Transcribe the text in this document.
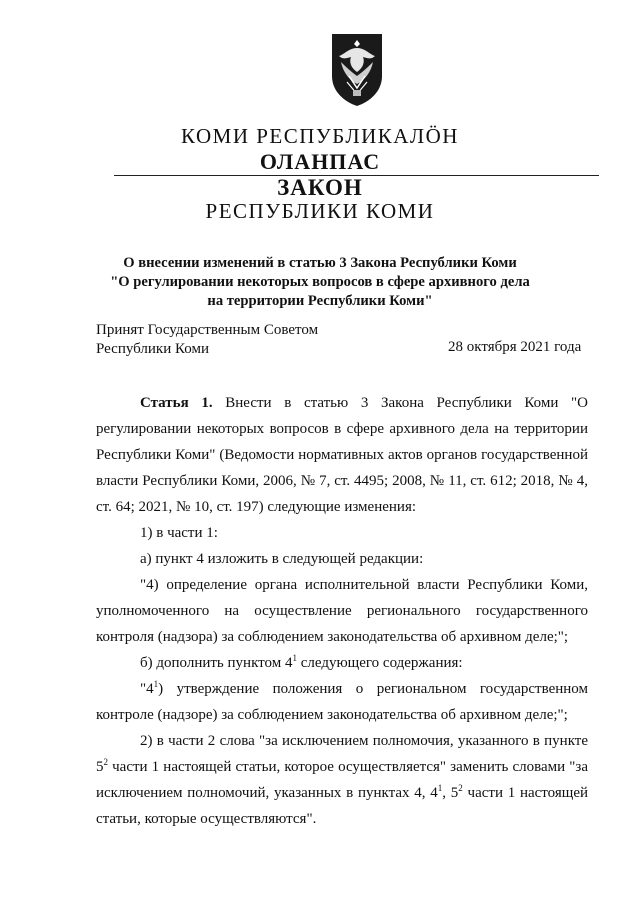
КОМИ РЕСПУБЛИКАЛÖН
ОЛАНПАС
ЗАКОН
РЕСПУБЛИКИ КОМИ
О внесении изменений в статью 3 Закона Республики Коми
"О регулировании некоторых вопросов в сфере архивного дела
на территории Республики Коми"
Принят Государственным Советом
Республики Коми	28 октября 2021 года

Статья 1. Внести в статью 3 Закона Республики Коми "О регулировании некоторых вопросов в сфере архивного дела на территории Республики Коми" (Ведомости нормативных актов органов государственной власти Республики Коми, 2006, № 7, ст. 4495; 2008, № 11, ст. 612; 2018, № 4, ст. 64; 2021, № 10, ст. 197) следующие изменения:

1) в части 1:

а) пункт 4 изложить в следующей редакции:

"4) определение органа исполнительной власти Республики Коми, уполномоченного на осуществление регионального государственного контроля (надзора) за соблюдением законодательства об архивном деле;";

б) дополнить пунктом $4^1$ следующего содержания:

"$4^1$) утверждение положения о региональном государственном контроле (надзоре) за соблюдением законодательства об архивном деле;";

2) в части 2 слова "за исключением полномочия, указанного в пункте $5^2$ части 1 настоящей статьи, которое осуществляется" заменить словами "за исключением полномочий, указанных в пунктах 4, $4^1$, $5^2$ части 1 настоящей статьи, которые осуществляются".
